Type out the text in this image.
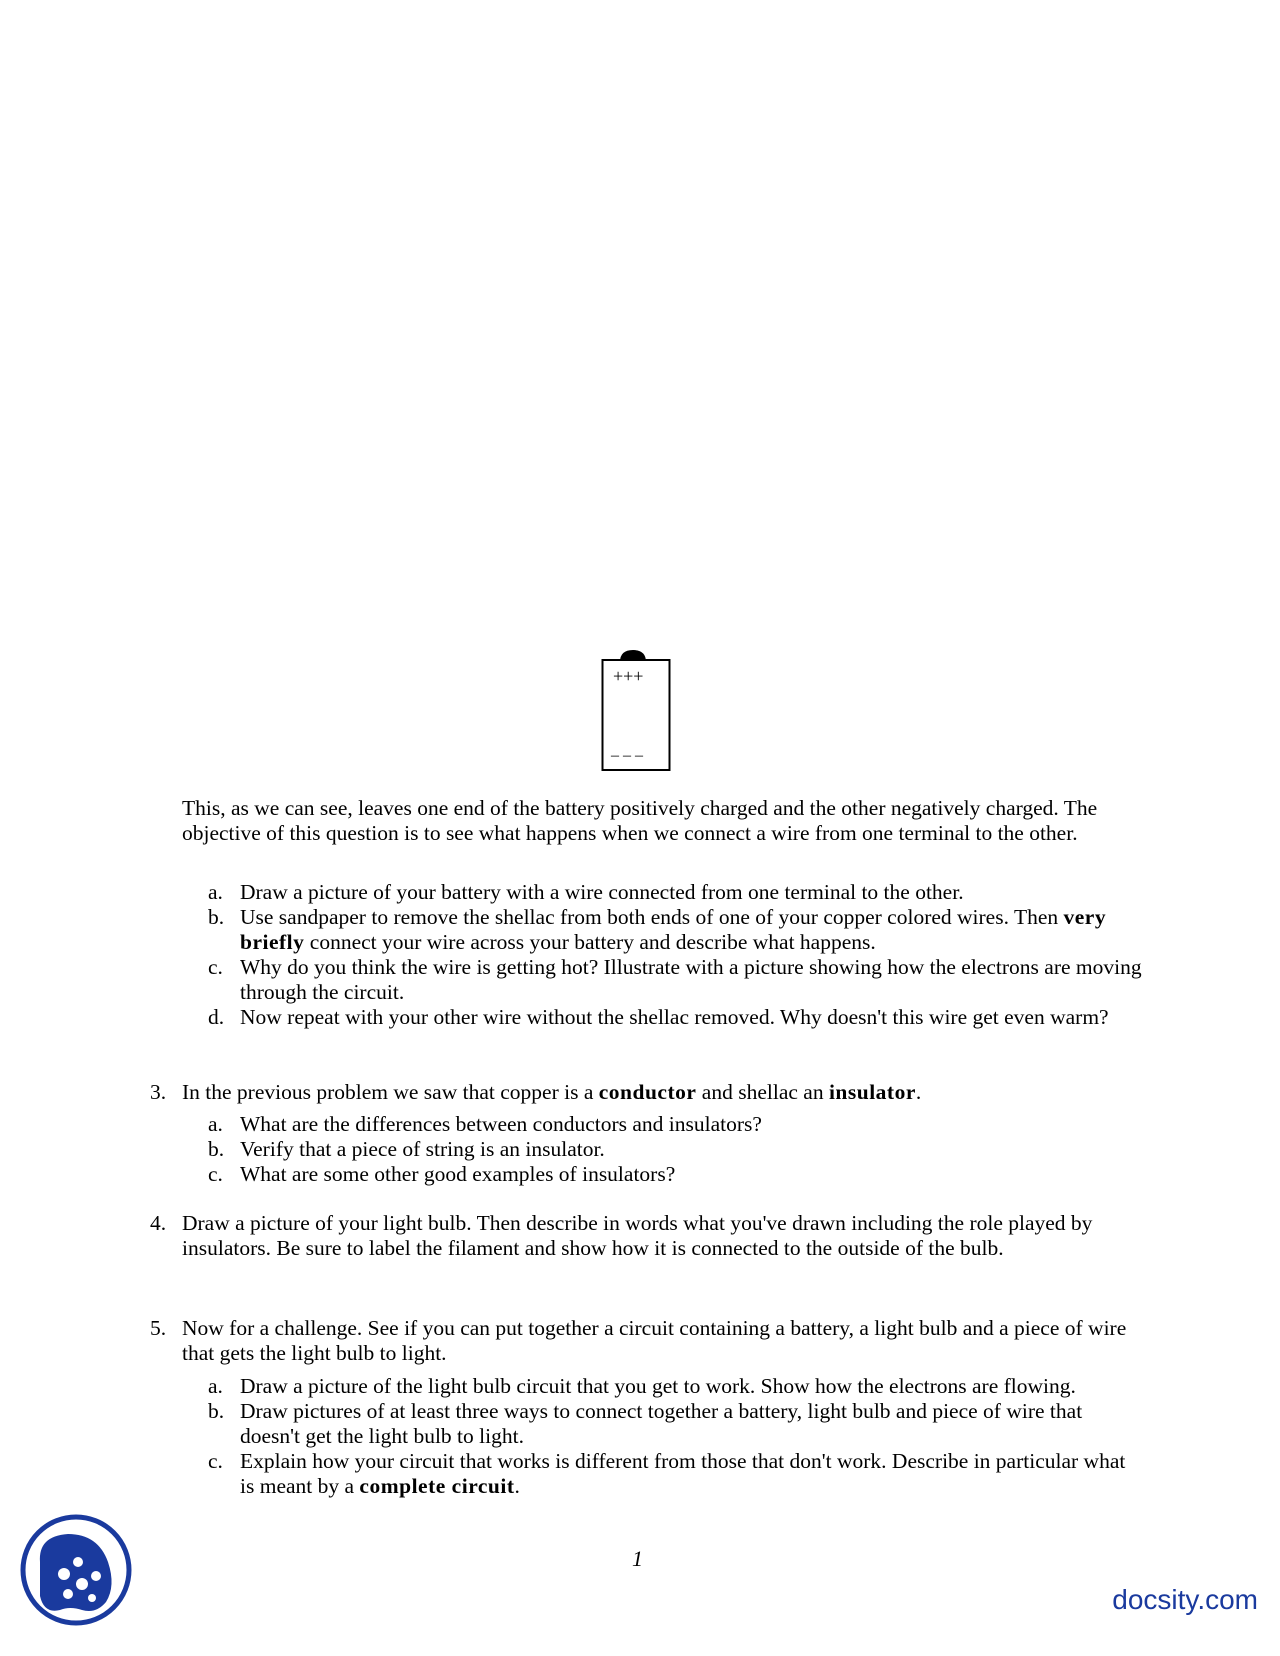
+++
– – –
This, as we can see, leaves one end of the battery positively charged and the other negatively charged. The objective of this question is to see what happens when we connect a wire from one terminal to the other.
a. Draw a picture of your battery with a wire connected from one terminal to the other.
b. Use sandpaper to remove the shellac from both ends of one of your copper colored wires. Then very briefly connect your wire across your battery and describe what happens.
c. Why do you think the wire is getting hot? Illustrate with a picture showing how the electrons are moving through the circuit.
d. Now repeat with your other wire without the shellac removed. Why doesn't this wire get even warm?
3. In the previous problem we saw that copper is a conductor and shellac an insulator.
a. What are the differences between conductors and insulators?
b. Verify that a piece of string is an insulator.
c. What are some other good examples of insulators?
4. Draw a picture of your light bulb. Then describe in words what you've drawn including the role played by insulators. Be sure to label the filament and show how it is connected to the outside of the bulb.
5. Now for a challenge. See if you can put together a circuit containing a battery, a light bulb and a piece of wire that gets the light bulb to light.
a. Draw a picture of the light bulb circuit that you get to work. Show how the electrons are flowing.
b. Draw pictures of at least three ways to connect together a battery, light bulb and piece of wire that doesn't get the light bulb to light.
c. Explain how your circuit that works is different from those that don't work. Describe in particular what is meant by a complete circuit.
1
docsity.com
